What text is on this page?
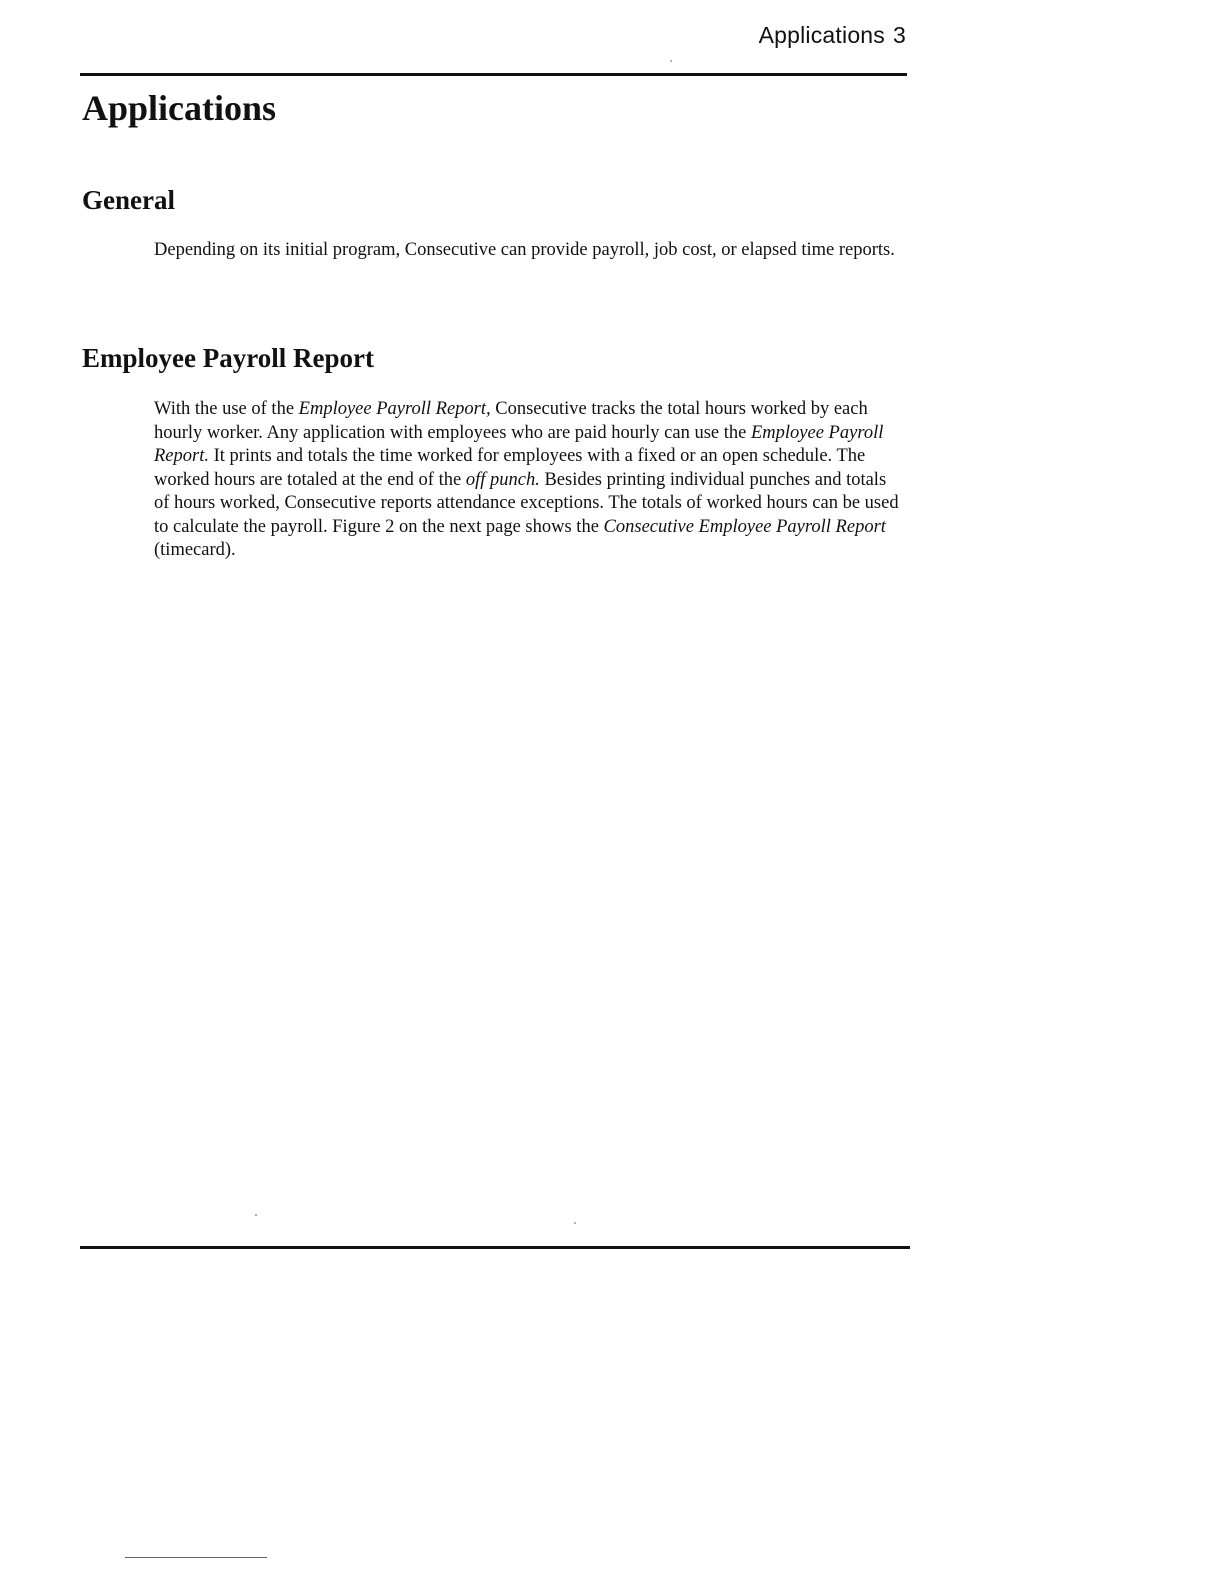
Applications 3
Applications
General

Depending on its initial program, Consecutive can provide payroll, job cost, or elapsed time reports.

Employee Payroll Report

With the use of the Employee Payroll Report, Consecutive tracks the total hours worked by each hourly worker. Any application with employees who are paid hourly can use the Employee Payroll Report. It prints and totals the time worked for employees with a fixed or an open schedule. The worked hours are totaled at the end of the off punch. Besides printing individual punches and totals of hours worked, Consecutive reports attendance exceptions. The totals of worked hours can be used to calculate the payroll. Figure 2 on the next page shows the Consecutive Employee Payroll Report (timecard).
